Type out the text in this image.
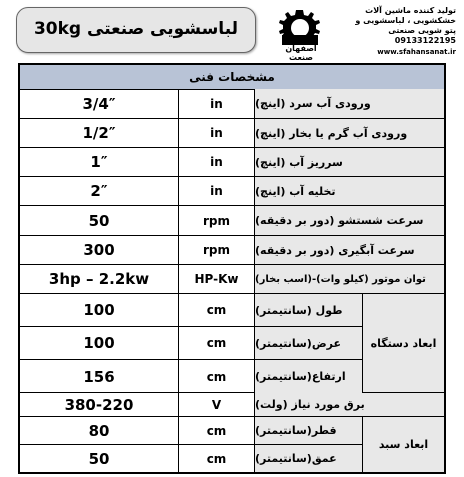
لباسشویی صنعتی 30kg
اصفهان صنعت
تولید کننده ماشین آلات
خشکشویی ، لباسشویی و
پتو شویی صنعتی
09133122195
www.sfahansanat.ir
مشخصات فنی
3/4″	in	ورودی آب سرد (اینچ)
1/2″	in	ورودی آب گرم یا بخار (اینچ)
1″	in	سرریز آب (اینچ)
2″	in	تخلیه آب (اینچ)
50	rpm	سرعت شستشو (دور بر دقیقه)
300	rpm	سرعت آبگیری (دور بر دقیقه)
3hp – 2.2kw	HP-Kw	توان موتور (کیلو وات)-(اسب بخار)
ابعاد دستگاه
100	cm	طول (سانتیمتر)
100	cm	عرض(سانتیمتر)
156	cm	ارتفاع(سانتیمتر)
380-220	V	برق مورد نیاز (ولت)
ابعاد سبد
80	cm	قطر(سانتیمتر)
50	cm	عمق(سانتیمتر)
